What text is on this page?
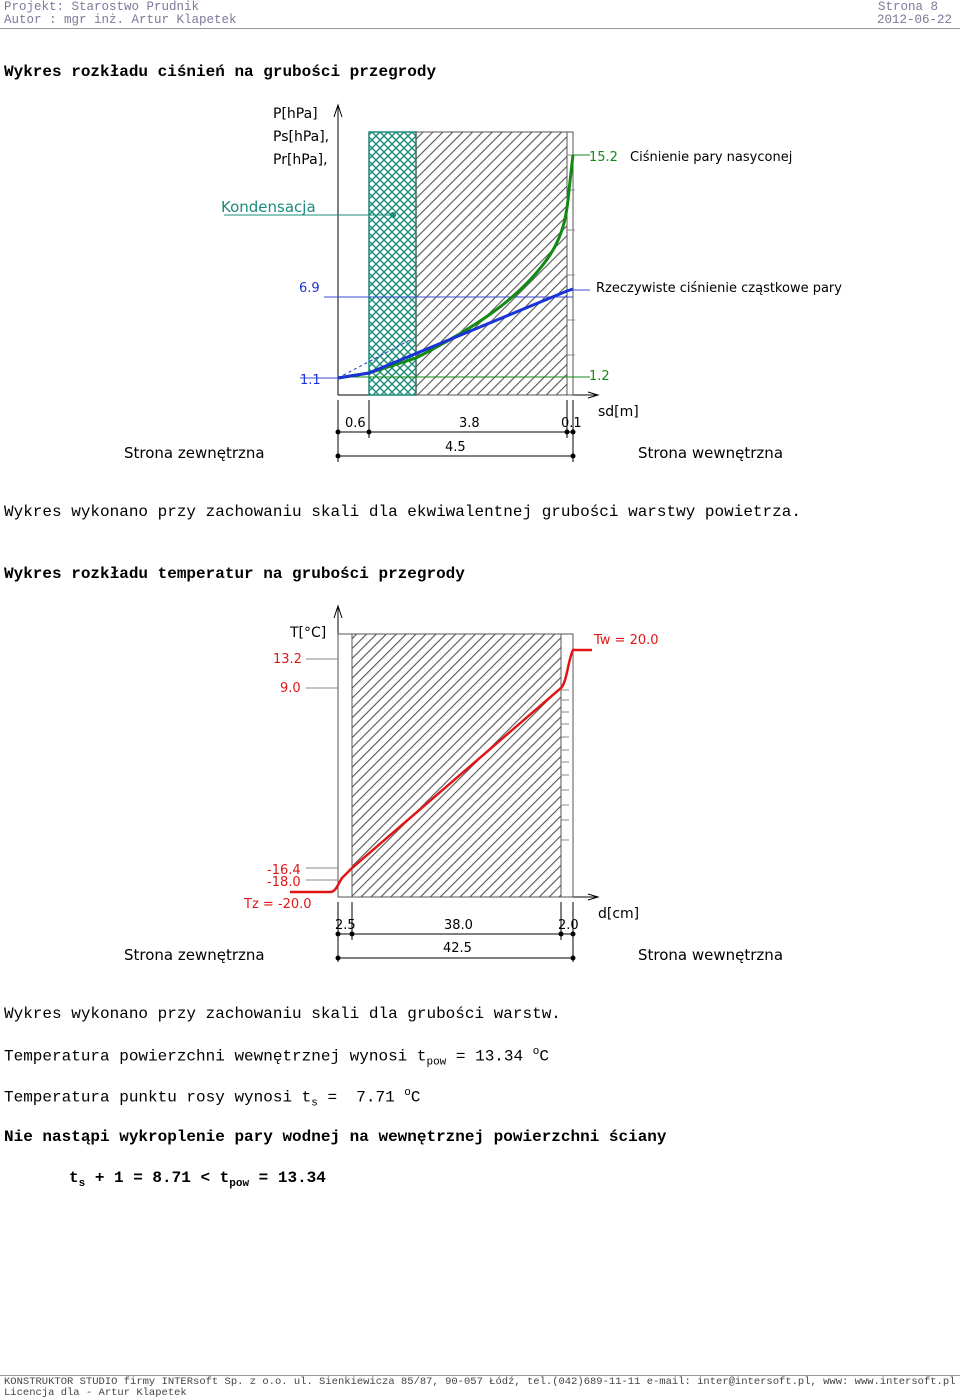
Projekt: Starostwo Prudnik
Autor : mgr inż. Artur Klapetek
Strona 8
2012-06-22
Wykres rozkładu ciśnień na grubości przegrody
P[hPa]
Ps[hPa],
Pr[hPa],
Kondensacja
15.2 Ciśnienie pary nasyconej
6.9	Rzeczywiste ciśnienie cząstkowe pary
1.1	1.2
sd[m]
0.6	3.8	0.1
4.5
Strona zewnętrzna	Strona wewnętrzna
Wykres wykonano przy zachowaniu skali dla ekwiwalentnej grubości warstwy powietrza.
Wykres rozkładu temperatur na grubości przegrody
T[°C]
13.2
9.0
-16.4
-18.0
Tw = 20.0
Tz = -20.0
d[cm]
2.5	38.0	2.0
42.5
Strona zewnętrzna	Strona wewnętrzna
Wykres wykonano przy zachowaniu skali dla grubości warstw.
Temperatura powierzchni wewnętrznej wynosi $t_{pow} = 13.34$ $^o$C
Temperatura punktu rosy wynosi $t_s = 7.71$ $^o$C
Nie nastąpi wykroplenie pary wodnej na wewnętrznej powierzchni ściany
$t_s + 1 = 8.71 < t_{pow} = 13.34$
KONSTRUKTOR STUDIO firmy INTERsoft Sp. z o.o. ul. Sienkiewicza 85/87, 90-057 Łódź, tel.(042)689-11-11 e-mail: inter@intersoft.pl, www: www.intersoft.pl
Licencja dla - Artur Klapetek
